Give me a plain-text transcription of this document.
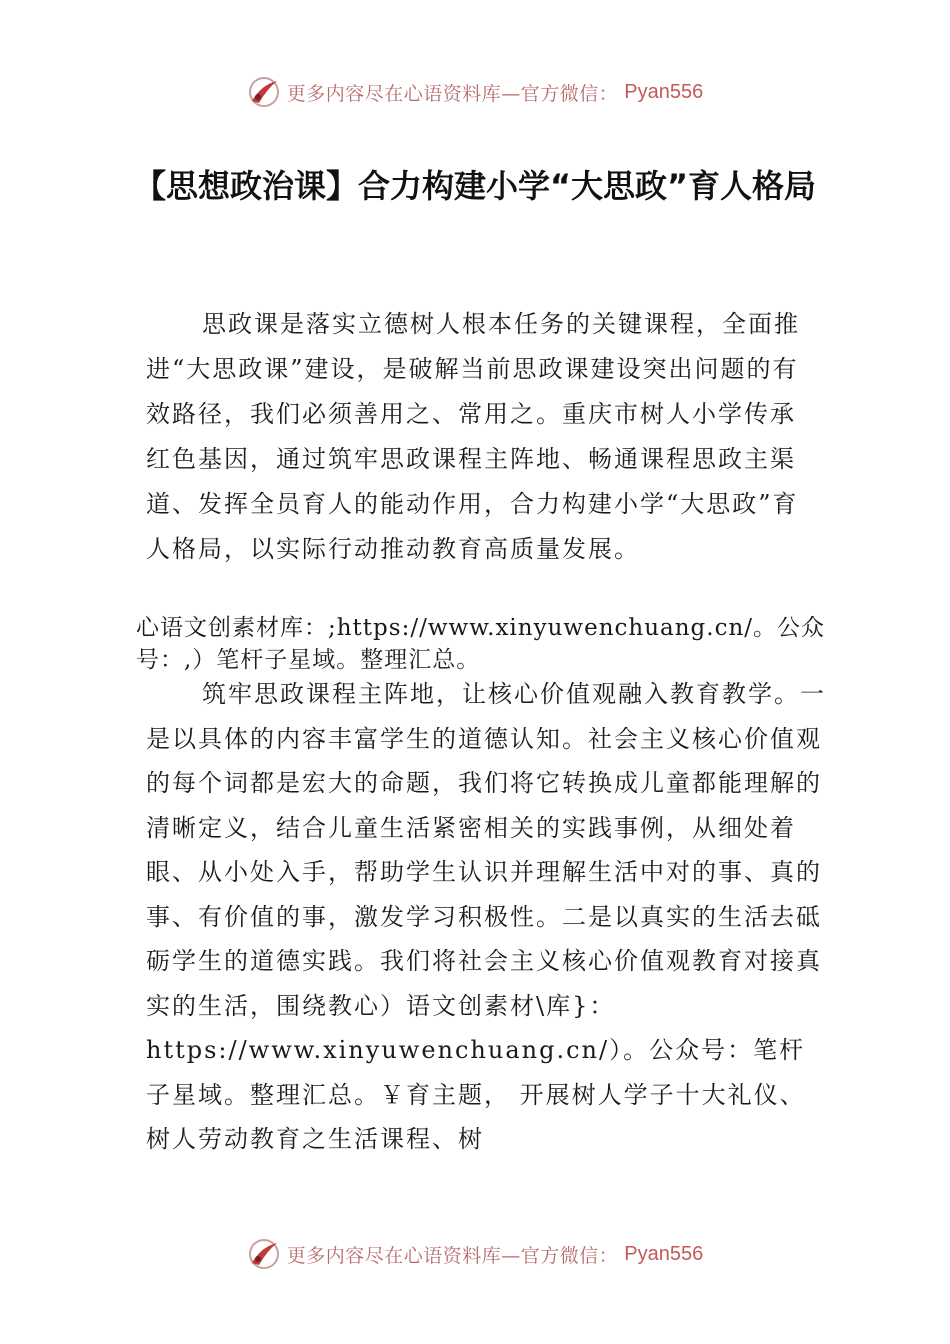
更多内容尽在心语资料库—官方微信： Pyan556
【思想政治课】合力构建小学“大思政”育人格局

思政课是落实立德树人根本任务的关键课程，全面推进“大思政课”建设，是破解当前思政课建设突出问题的有效路径，我们必须善用之、常用之。重庆市树人小学传承红色基因，通过筑牢思政课程主阵地、畅通课程思政主渠道、发挥全员育人的能动作用，合力构建小学“大思政”育人格局，以实际行动推动教育高质量发展。

心语文创素材库：;https://www.xinyuwenchuang.cn/。公众号：,）笔杆子星域。整理汇总。

筑牢思政课程主阵地，让核心价值观融入教育教学。一是以具体的内容丰富学生的道德认知。社会主义核心价值观的每个词都是宏大的命题，我们将它转换成儿童都能理解的清晰定义，结合儿童生活紧密相关的实践事例，从细处着眼、从小处入手，帮助学生认识并理解生活中对的事、真的事、有价值的事，激发学习积极性。二是以真实的生活去砥砺学生的道德实践。我们将社会主义核心价值观教育对接真实的生活，围绕教心）语文创素材\库}：https://www.xinyuwenchuang.cn/）。公众号：笔杆子星域。整理汇总。￥育主题， 开展树人学子十大礼仪、树人劳动教育之生活课程、树

更多内容尽在心语资料库—官方微信： Pyan556
